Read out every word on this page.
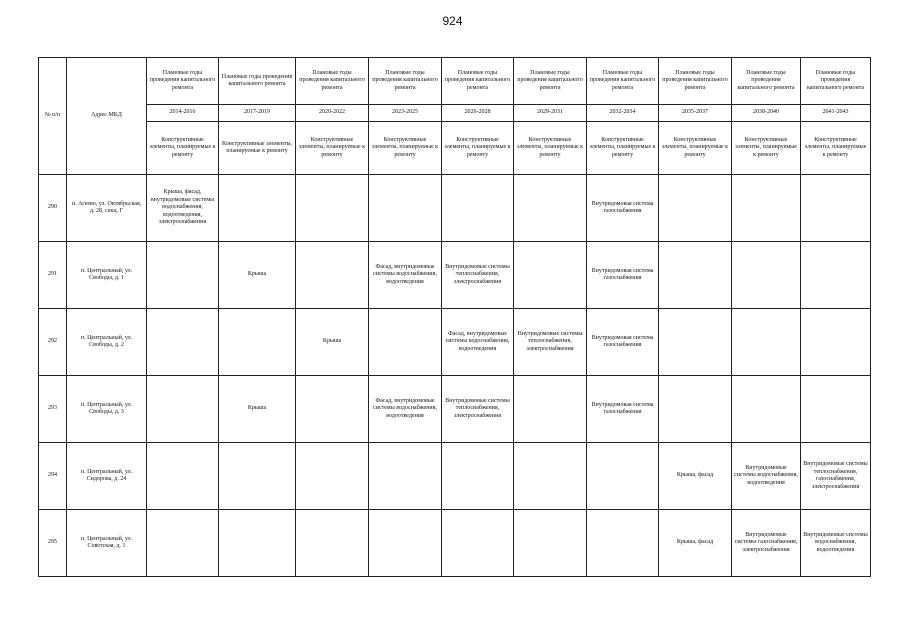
924
№ п/п	Адрес МКД	Плановые годы проведения капитального ремонта	Плановые годы проведения капитального ремонта	Плановые годы проведения капитального ремонта	Плановые годы проведения капитального ремонта	Плановые годы проведения капитального ремонта	Плановые годы проведения капитального ремонта	Плановые годы проведения капитального ремонта	Плановые годы проведения капитального ремонта	Плановые годы проведения капитального ремонта	Плановые годы проведения капитального ремонта
		2014-2016	2017-2019	2020-2022	2023-2025	2026-2028	2029-2031	2032-2034	2035-2037	2038-2040	2041-2043
		Конструктивные элементы, планируемые к ремонту	Конструктивные элементы, планируемые к ремонту	Конструктивные элементы, планируемые к ремонту	Конструктивные элементы, планируемые к ремонту	Конструктивные элементы, планируемые к ремонту	Конструктивные элементы, планируемые к ремонту	Конструктивные элементы, планируемые к ремонту	Конструктивные элементы, планируемые к ремонту	Конструктивные элементы, планируемые к ремонту	Конструктивные элементы, планируемые к ремонту
290	п. Агеево, ул. Октябрьская, д. 28, секц. Г	Крыша, фасад, внутридомовые системы водоснабжения, водоотведения, электроснабжения						Внутридомовая система газоснабжения			
291	п. Центральный, ул. Свободы, д. 1		Крыша		Фасад, внутридомовые системы водоснабжения, водоотведения	Внутридомовые системы теплоснабжения, электроснабжения		Внутридомовая система газоснабжения			
292	п. Центральный, ул. Свободы, д. 2			Крыша		Фасад, внутридомовые системы водоснабжения, водоотведения	Внутридомовые системы теплоснабжения, электроснабжения	Внутридомовая система газоснабжения			
293	п. Центральный, ул. Свободы, д. 3		Крыша		Фасад, внутридомовые системы водоснабжения, водоотведения	Внутридомовые системы теплоснабжения, электроснабжения		Внутридомовая система газоснабжения			
294	п. Центральный, ул. Сидорова, д. 24								Крыша, фасад	Внутридомовые системы водоснабжения, водоотведения	Внутридомовые системы теплоснабжения, газоснабжения, электроснабжения
295	п. Центральный, ул. Советская, д. 1								Крыша, фасад	Внутридомовые системы газоснабжения, электроснабжения	Внутридомовые системы водоснабжения, водоотведения
